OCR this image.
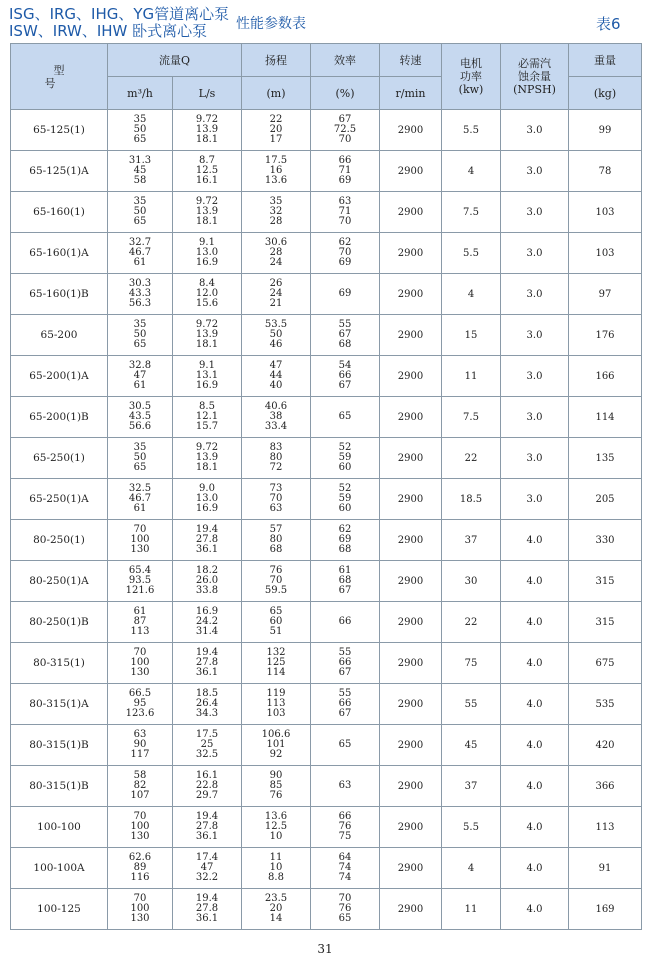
ISG、IRG、IHG、YG管道离心泵
ISW、IRW、IHW 卧式离心泵 性能参数表	表6
型 号	流量Q		扬程	效率	转速	电机
功率
(kw)	必需汽
蚀余量
(NPSH)	重量
	m³/h	L/s	(m)	(%)	r/min			(kg)
65-125(1)	35
50
65	9.72
13.9
18.1	22
20
17	67
72.5
70	2900	5.5	3.0	99
65-125(1)A	31.3
45
58	8.7
12.5
16.1	17.5
16
13.6	66
71
69	2900	4	3.0	78
65-160(1)	35
50
65	9.72
13.9
18.1	35
32
28	63
71
70	2900	7.5	3.0	103
65-160(1)A	32.7
46.7
61	9.1
13.0
16.9	30.6
28
24	62
70
69	2900	5.5	3.0	103
65-160(1)B	30.3
43.3
56.3	8.4
12.0
15.6	26
24
21	69	2900	4	3.0	97
65-200	35
50
65	9.72
13.9
18.1	53.5
50
46	55
67
68	2900	15	3.0	176
65-200(1)A	32.8
47
61	9.1
13.1
16.9	47
44
40	54
66
67	2900	11	3.0	166
65-200(1)B	30.5
43.5
56.6	8.5
12.1
15.7	40.6
38
33.4	65	2900	7.5	3.0	114
65-250(1)	35
50
65	9.72
13.9
18.1	83
80
72	52
59
60	2900	22	3.0	135
65-250(1)A	32.5
46.7
61	9.0
13.0
16.9	73
70
63	52
59
60	2900	18.5	3.0	205
80-250(1)	70
100
130	19.4
27.8
36.1	57
80
68	62
69
68	2900	37	4.0	330
80-250(1)A	65.4
93.5
121.6	18.2
26.0
33.8	76
70
59.5	61
68
67	2900	30	4.0	315
80-250(1)B	61
87
113	16.9
24.2
31.4	65
60
51	66	2900	22	4.0	315
80-315(1)	70
100
130	19.4
27.8
36.1	132
125
114	55
66
67	2900	75	4.0	675
80-315(1)A	66.5
95
123.6	18.5
26.4
34.3	119
113
103	55
66
67	2900	55	4.0	535
80-315(1)B	63
90
117	17.5
25
32.5	106.6
101
92	65	2900	45	4.0	420
80-315(1)B	58
82
107	16.1
22.8
29.7	90
85
76	63	2900	37	4.0	366
100-100	70
100
130	19.4
27.8
36.1	13.6
12.5
10	66
76
75	2900	5.5	4.0	113
100-100A	62.6
89
116	17.4
47
32.2	11
10
8.8	64
74
74	2900	4	4.0	91
100-125	70
100
130	19.4
27.8
36.1	23.5
20
14	70
76
65	2900	11	4.0	169
31
